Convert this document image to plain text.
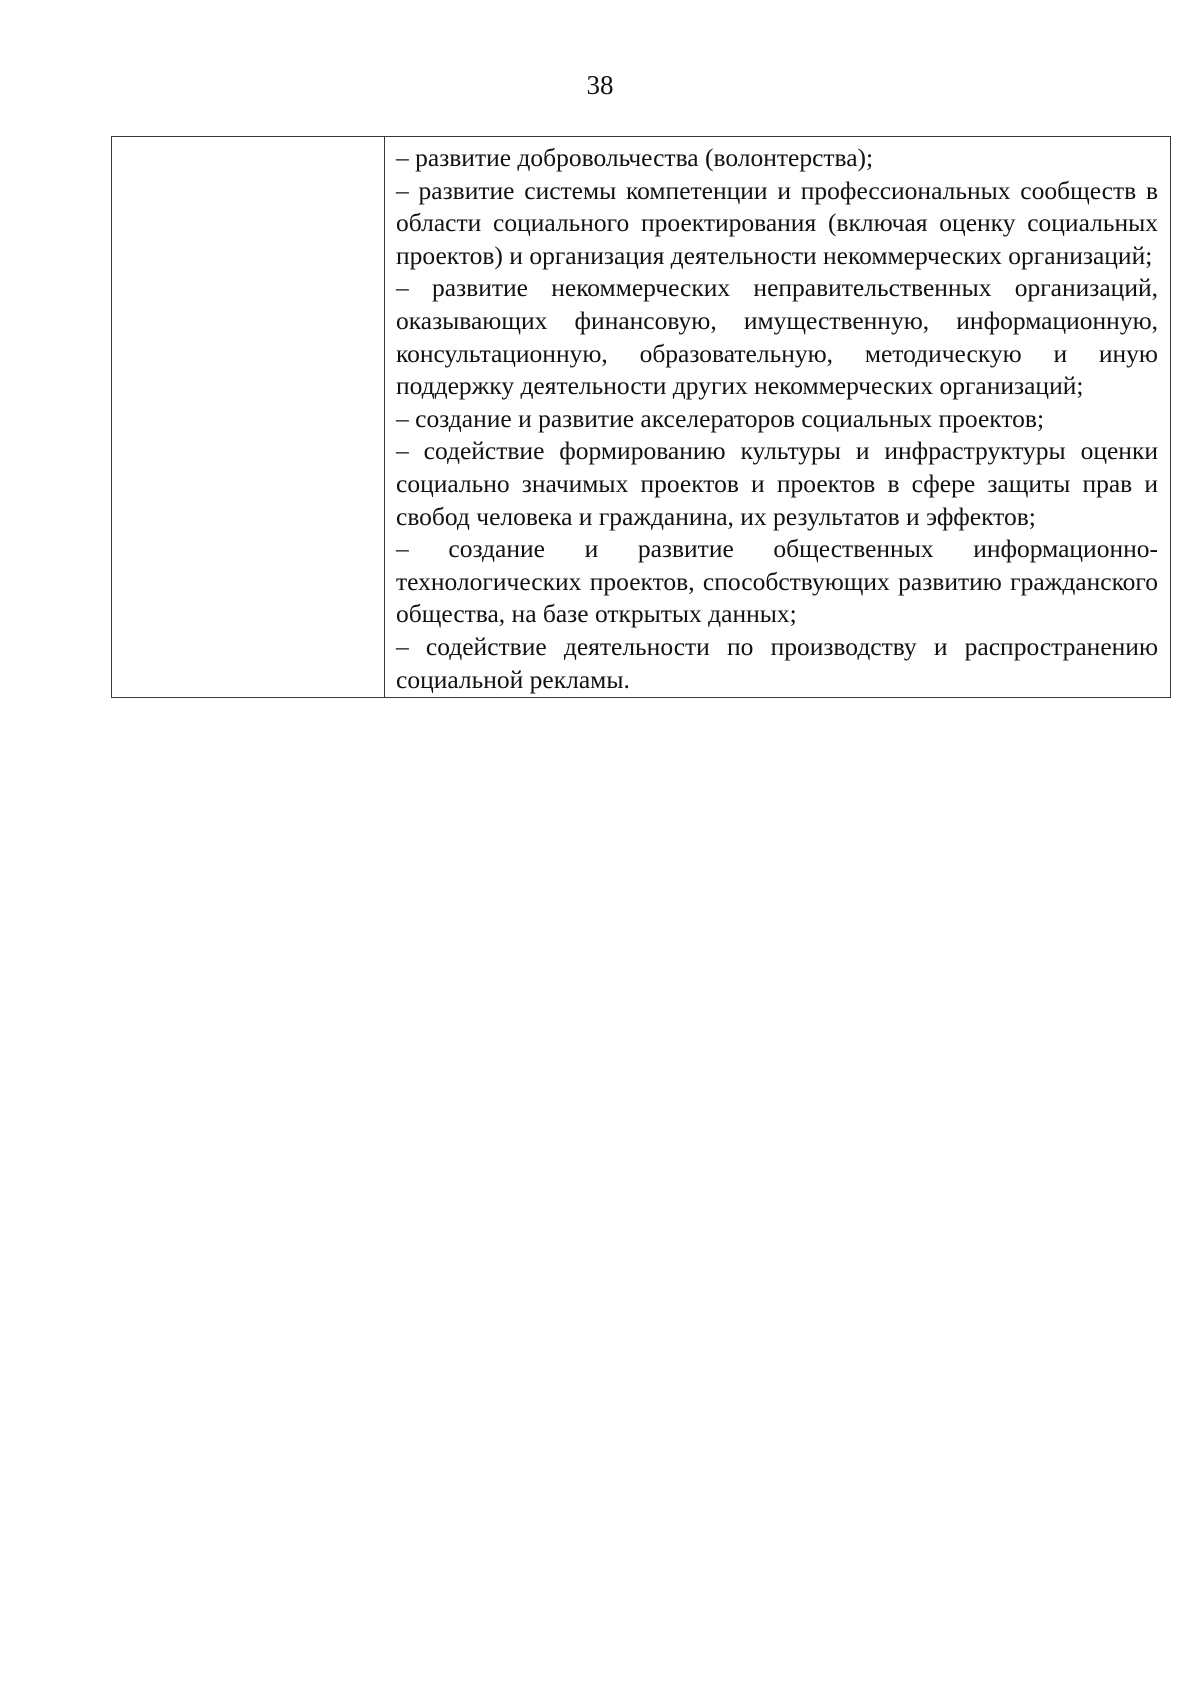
38

– развитие добровольчества (волонтерства);

– развитие системы компетенции и профессиональных сообществ в области социального проектирования (включая оценку социальных проектов) и организация деятельности некоммерческих организаций;

– развитие некоммерческих неправительственных организаций, оказывающих финансовую, имущественную, информационную, консультационную, образовательную, методическую и иную поддержку деятельности других некоммерческих организаций;

– создание и развитие акселераторов социальных проектов;

– содействие формированию культуры и инфраструктуры оценки социально значимых проектов и проектов в сфере защиты прав и свобод человека и гражданина, их результатов и эффектов;

– создание и развитие общественных информационно-технологических проектов, способствующих развитию гражданского общества, на базе открытых данных;

– содействие деятельности по производству и распространению социальной рекламы.
